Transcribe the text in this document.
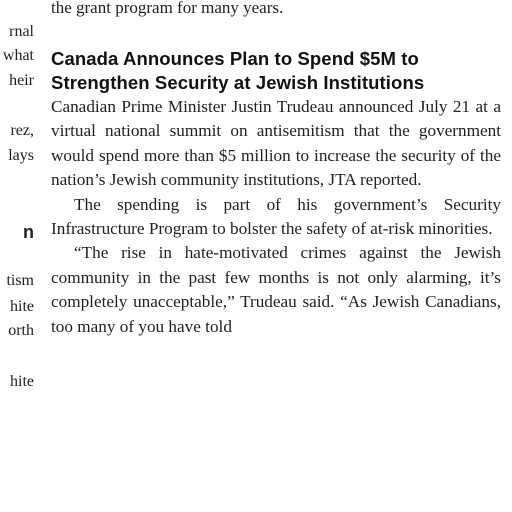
rnal
what
heir
rez,
lays
n
tism
hite
orth
hite
the grant program for many years.
Canada Announces Plan to Spend $5M to Strengthen Security at Jewish Institutions

Canadian Prime Minister Justin Trudeau announced July 21 at a virtual national summit on antisemitism that the government would spend more than $5 million to increase the security of the nation’s Jewish community institutions, JTA reported.

The spending is part of his government’s Security Infrastructure Program to bolster the safety of at-risk minorities.

“The rise in hate-motivated crimes against the Jewish community in the past few months is not only alarming, it’s completely unacceptable,” Trudeau said. “As Jewish Canadians, too many of you have told
